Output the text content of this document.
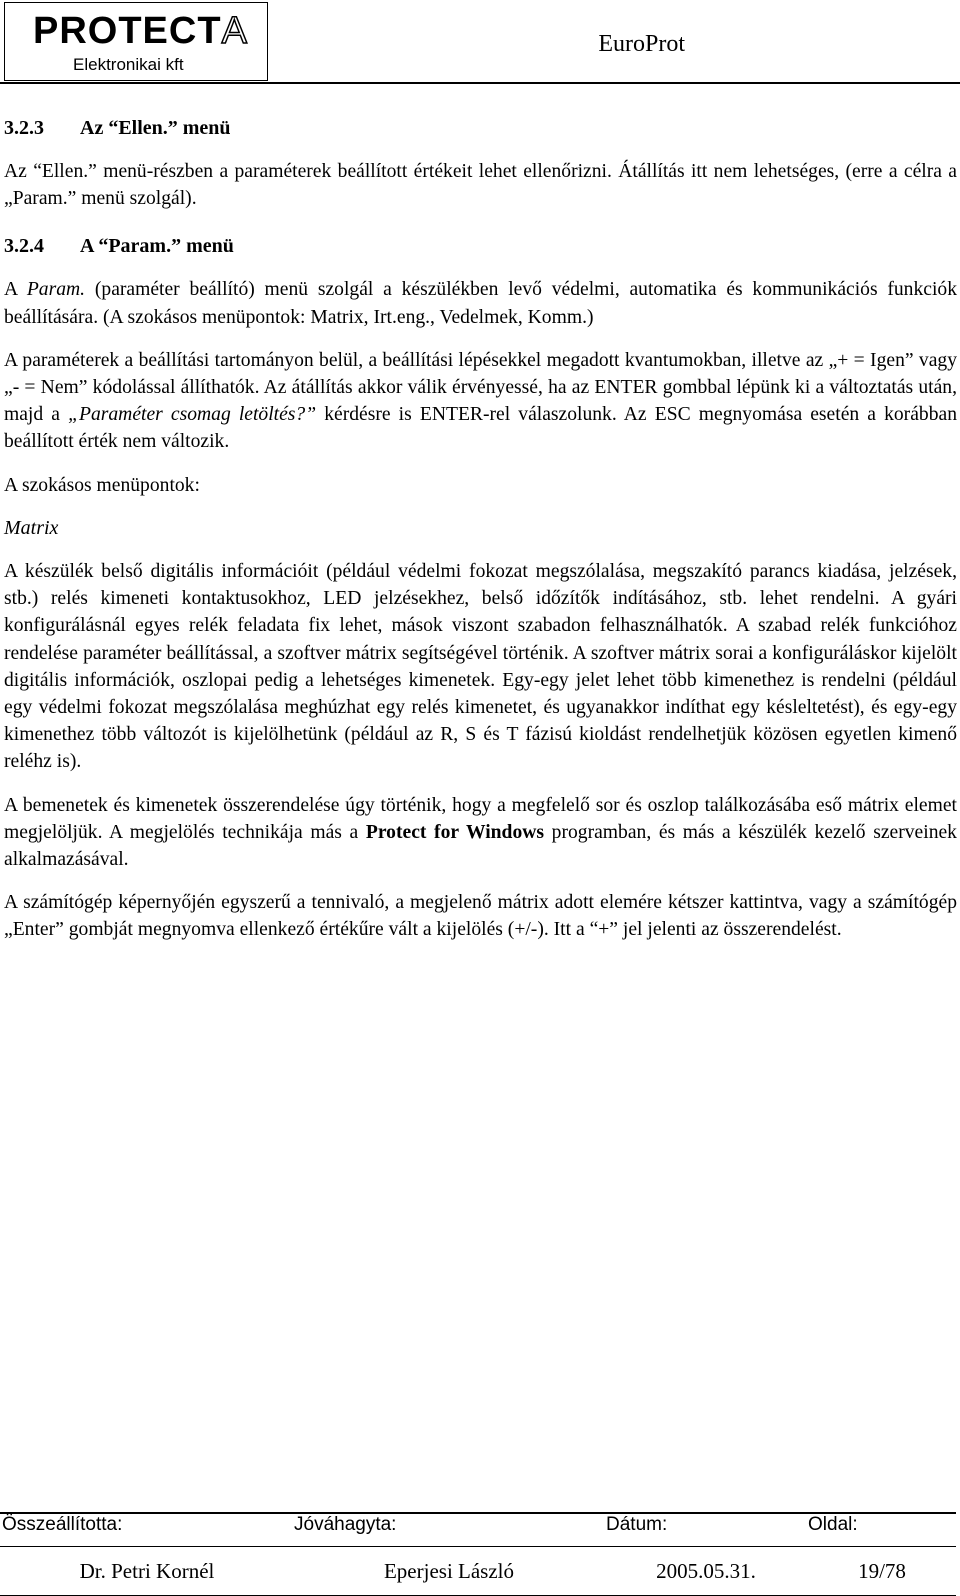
PROTECTA
Elektronikai kft
EuroProt
3.2.3 Az “Ellen.” menü

Az “Ellen.” menü-részben a paraméterek beállított értékeit lehet ellenőrizni. Átállítás itt nem lehetséges, (erre a célra a „Param.” menü szolgál).

3.2.4 A “Param.” menü

A Param. (paraméter beállító) menü szolgál a készülékben levő védelmi, automatika és kommunikációs funkciók beállítására. (A szokásos menüpontok: Matrix, Irt.eng., Vedelmek, Komm.)

A paraméterek a beállítási tartományon belül, a beállítási lépésekkel megadott kvantumokban, illetve az „+ = Igen” vagy „- = Nem” kódolással állíthatók. Az átállítás akkor válik érvényessé, ha az ENTER gombbal lépünk ki a változtatás után, majd a „Paraméter csomag letöltés?” kérdésre is ENTER-rel válaszolunk. Az ESC megnyomása esetén a korábban beállított érték nem változik.

A szokásos menüpontok:

Matrix

A készülék belső digitális információit (például védelmi fokozat megszólalása, megszakító parancs kiadása, jelzések, stb.) relés kimeneti kontaktusokhoz, LED jelzésekhez, belső időzítők indításához, stb. lehet rendelni. A gyári konfigurálásnál egyes relék feladata fix lehet, mások viszont szabadon felhasználhatók. A szabad relék funkcióhoz rendelése paraméter beállítással, a szoftver mátrix segítségével történik. A szoftver mátrix sorai a konfiguráláskor kijelölt digitális információk, oszlopai pedig a lehetséges kimenetek. Egy-egy jelet lehet több kimenethez is rendelni (például egy védelmi fokozat megszólalása meghúzhat egy relés kimenetet, és ugyanakkor indíthat egy késleltetést), és egy-egy kimenethez több változót is kijelölhetünk (például az R, S és T fázisú kioldást rendelhetjük közösen egyetlen kimenő reléhz is).

A bemenetek és kimenetek összerendelése úgy történik, hogy a megfelelő sor és oszlop találkozásába eső mátrix elemet megjelöljük. A megjelölés technikája más a Protect for Windows programban, és más a készülék kezelő szerveinek alkalmazásával.

A számítógép képernyőjén egyszerű a tennivaló, a megjelenő mátrix adott elemére kétszer kattintva, vagy a számítógép „Enter” gombját megnyomva ellenkező értékűre vált a kijelölés (+/-). Itt a “+” jel jelenti az összerendelést.

Összeállította:	Jóváhagyta:	Dátum:	Oldal:
Dr. Petri Kornél	Eperjesi László	2005.05.31.	19/78
